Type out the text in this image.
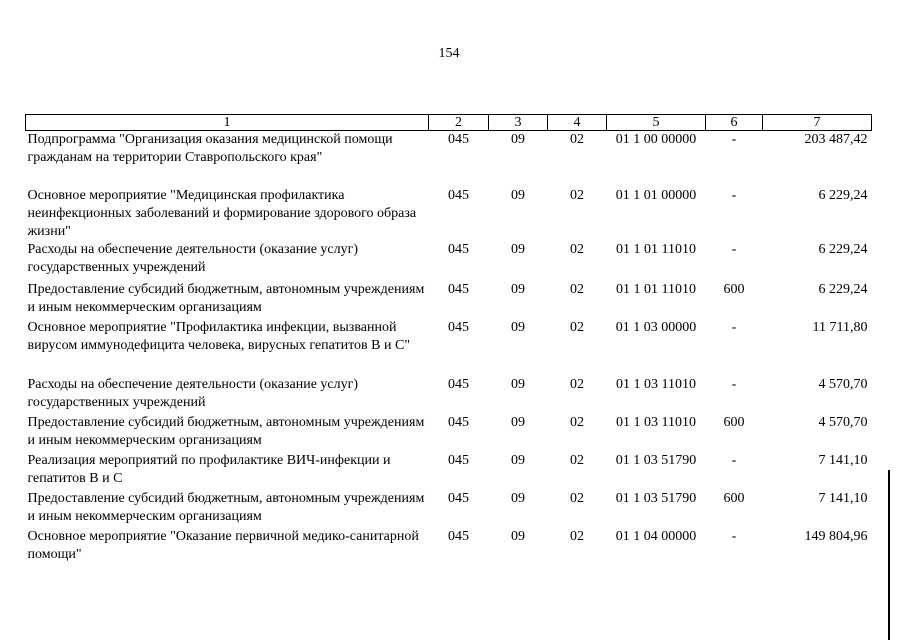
154
1	2	3	4	5	6	7
Подпрограмма "Организация оказания медицинской помощи гражданам на территории Ставропольского края"	045	09	02	01 1 00 00000	-	203 487,42
Основное мероприятие "Медицинская профилактика неинфекционных заболеваний и формирование здорового образа жизни"	045	09	02	01 1 01 00000	-	6 229,24
Расходы на обеспечение деятельности (оказание услуг) государственных учреждений	045	09	02	01 1 01 11010	-	6 229,24
Предоставление субсидий бюджетным, автономным учреждениям и иным некоммерческим организациям	045	09	02	01 1 01 11010	600	6 229,24
Основное мероприятие "Профилактика инфекции, вызванной вирусом иммунодефицита человека, вирусных гепатитов В и С"	045	09	02	01 1 03 00000	-	11 711,80
Расходы на обеспечение деятельности (оказание услуг) государственных учреждений	045	09	02	01 1 03 11010	-	4 570,70
Предоставление субсидий бюджетным, автономным учреждениям и иным некоммерческим организациям	045	09	02	01 1 03 11010	600	4 570,70
Реализация мероприятий по профилактике ВИЧ-инфекции и гепатитов В и С	045	09	02	01 1 03 51790	-	7 141,10
Предоставление субсидий бюджетным, автономным учреждениям и иным некоммерческим организациям	045	09	02	01 1 03 51790	600	7 141,10
Основное мероприятие "Оказание первичной медико-санитарной помощи"	045	09	02	01 1 04 00000	-	149 804,96
